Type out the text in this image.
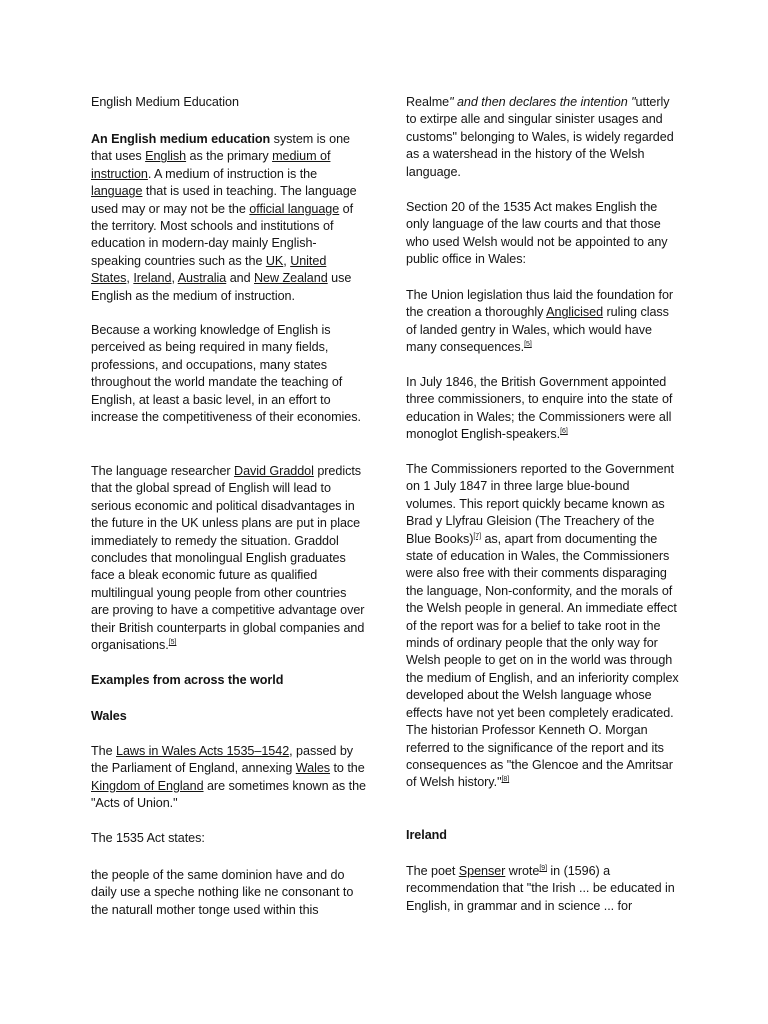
English Medium Education

An English medium education system is one that uses English as the primary medium of instruction. A medium of instruction is the language that is used in teaching. The language used may or may not be the official language of the territory. Most schools and institutions of education in modern-day mainly English-speaking countries such as the UK, United States, Ireland, Australia and New Zealand use English as the medium of instruction.

Because a working knowledge of English is perceived as being required in many fields, professions, and occupations, many states throughout the world mandate the teaching of English, at least a basic level, in an effort to increase the competitiveness of their economies.

The language researcher David Graddol predicts that the global spread of English will lead to serious economic and political disadvantages in the future in the UK unless plans are put in place immediately to remedy the situation. Graddol concludes that monolingual English graduates face a bleak economic future as qualified multilingual young people from other countries are proving to have a competitive advantage over their British counterparts in global companies and organisations.[5]

Examples from across the world

Wales

The Laws in Wales Acts 1535–1542, passed by the Parliament of England, annexing Wales to the Kingdom of England are sometimes known as the "Acts of Union."

The 1535 Act states:

the people of the same dominion have and do daily use a speche nothing like ne consonant to the naturall mother tonge used within this

Realme" and then declares the intention "utterly to extirpe alle and singular sinister usages and customs" belonging to Wales, is widely regarded as a watershead in the history of the Welsh language.

Section 20 of the 1535 Act makes English the only language of the law courts and that those who used Welsh would not be appointed to any public office in Wales:

The Union legislation thus laid the foundation for the creation a thoroughly Anglicised ruling class of landed gentry in Wales, which would have many consequences.[5]

In July 1846, the British Government appointed three commissioners, to enquire into the state of education in Wales; the Commissioners were all monoglot English-speakers.[6]

The Commissioners reported to the Government on 1 July 1847 in three large blue-bound volumes. This report quickly became known as Brad y Llyfrau Gleision (The Treachery of the Blue Books)[7] as, apart from documenting the state of education in Wales, the Commissioners were also free with their comments disparaging the language, Non-conformity, and the morals of the Welsh people in general. An immediate effect of the report was for a belief to take root in the minds of ordinary people that the only way for Welsh people to get on in the world was through the medium of English, and an inferiority complex developed about the Welsh language whose effects have not yet been completely eradicated. The historian Professor Kenneth O. Morgan referred to the significance of the report and its consequences as "the Glencoe and the Amritsar of Welsh history."[8]

Ireland

The poet Spenser wrote[9] in (1596) a recommendation that "the Irish ... be educated in English, in grammar and in science ... for
